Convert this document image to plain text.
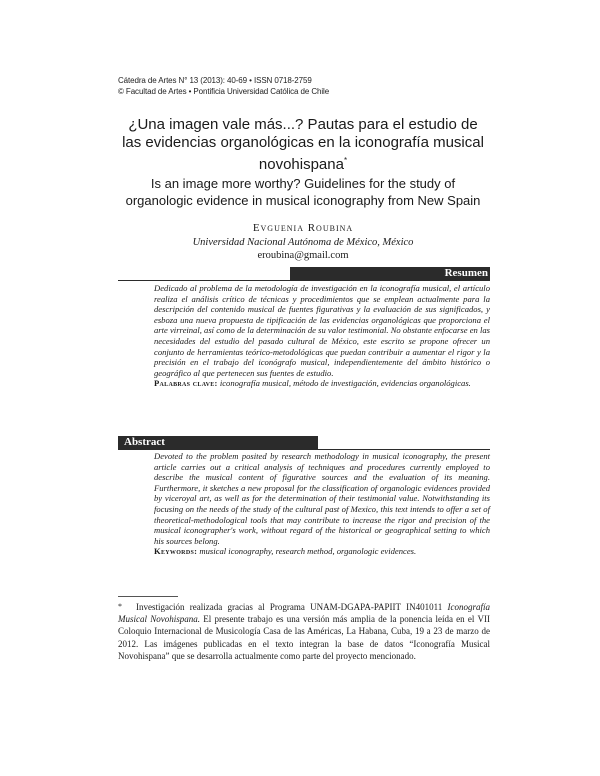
Cátedra de Artes N° 13 (2013): 40-69 • ISSN 0718-2759
© Facultad de Artes • Pontificia Universidad Católica de Chile
¿Una imagen vale más...? Pautas para el estudio de las evidencias organológicas en la iconografía musical novohispana*
Is an image more worthy? Guidelines for the study of organologic evidence in musical iconography from New Spain
Evguenia Roubina
Universidad Nacional Autónoma de México, México
eroubina@gmail.com
Resumen
Dedicado al problema de la metodología de investigación en la iconografía musical, el artículo realiza el análisis crítico de técnicas y procedimientos que se emplean actualmente para la descripción del contenido musical de fuentes figurativas y la evaluación de sus significados, y esboza una nueva propuesta de tipificación de las evidencias organológicas que proporciona el arte virreinal, así como de la determinación de su valor testimonial. No obstante enfocarse en las necesidades del estudio del pasado cultural de México, este escrito se propone ofrecer un conjunto de herramientas teórico-metodológicas que puedan contribuir a aumentar el rigor y la precisión en el trabajo del iconógrafo musical, independientemente del ámbito histórico o geográfico al que pertenecen sus fuentes de estudio.
Palabras clave: iconografía musical, método de investigación, evidencias organológicas.
Abstract
Devoted to the problem posited by research methodology in musical iconography, the present article carries out a critical analysis of techniques and procedures currently employed to describe the musical content of figurative sources and the evaluation of its meaning. Furthermore, it sketches a new proposal for the classification of organologic evidences provided by viceroyal art, as well as for the determination of their testimonial value. Notwithstanding its focusing on the needs of the study of the cultural past of Mexico, this text intends to offer a set of theoretical-methodological tools that may contribute to increase the rigor and precision of the musical iconographer's work, without regard of the historical or geographical setting to which his sources belong.
Keywords: musical iconography, research method, organologic evidences.
* Investigación realizada gracias al Programa UNAM-DGAPA-PAPIIT IN401011 Iconografía Musical Novohispana. El presente trabajo es una versión más amplia de la ponencia leída en el VII Coloquio Internacional de Musicología Casa de las Américas, La Habana, Cuba, 19 a 23 de marzo de 2012. Las imágenes publicadas en el texto integran la base de datos “Iconografía Musical Novohispana” que se desarrolla actualmente como parte del proyecto mencionado.
